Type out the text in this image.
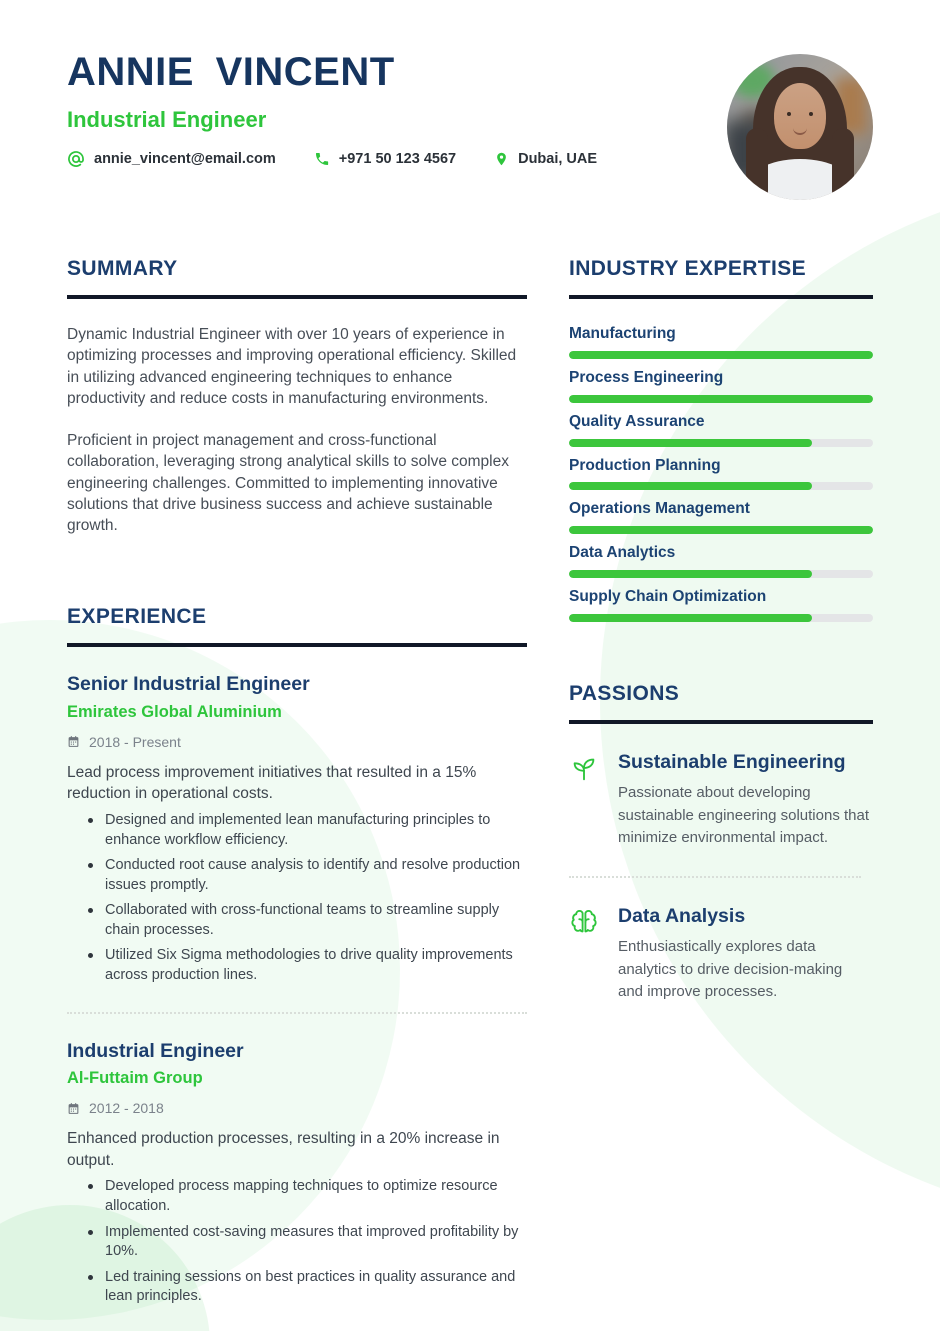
ANNIE VINCENT
Industrial Engineer
annie_vincent@email.com	+971 50 123 4567	Dubai, UAE
SUMMARY

Dynamic Industrial Engineer with over 10 years of experience in optimizing processes and improving operational efficiency. Skilled in utilizing advanced engineering techniques to enhance productivity and reduce costs in manufacturing environments.

Proficient in project management and cross-functional collaboration, leveraging strong analytical skills to solve complex engineering challenges. Committed to implementing innovative solutions that drive business success and achieve sustainable growth.

EXPERIENCE
Senior Industrial Engineer
Emirates Global Aluminium
2018 - Present

Lead process improvement initiatives that resulted in a 15% reduction in operational costs.

Designed and implemented lean manufacturing principles to enhance workflow efficiency.
Conducted root cause analysis to identify and resolve production issues promptly.
Collaborated with cross-functional teams to streamline supply chain processes.
Utilized Six Sigma methodologies to drive quality improvements across production lines.
Industrial Engineer
Al-Futtaim Group
2012 - 2018

Enhanced production processes, resulting in a 20% increase in output.

Developed process mapping techniques to optimize resource allocation.
Implemented cost-saving measures that improved profitability by 10%.
Led training sessions on best practices in quality assurance and lean principles.
INDUSTRY EXPERTISE
Manufacturing
Process Engineering
Quality Assurance
Production Planning
Operations Management
Data Analytics
Supply Chain Optimization
PASSIONS
Sustainable Engineering

Passionate about developing sustainable engineering solutions that minimize environmental impact.

Data Analysis

Enthusiastically explores data analytics to drive decision-making and improve processes.
